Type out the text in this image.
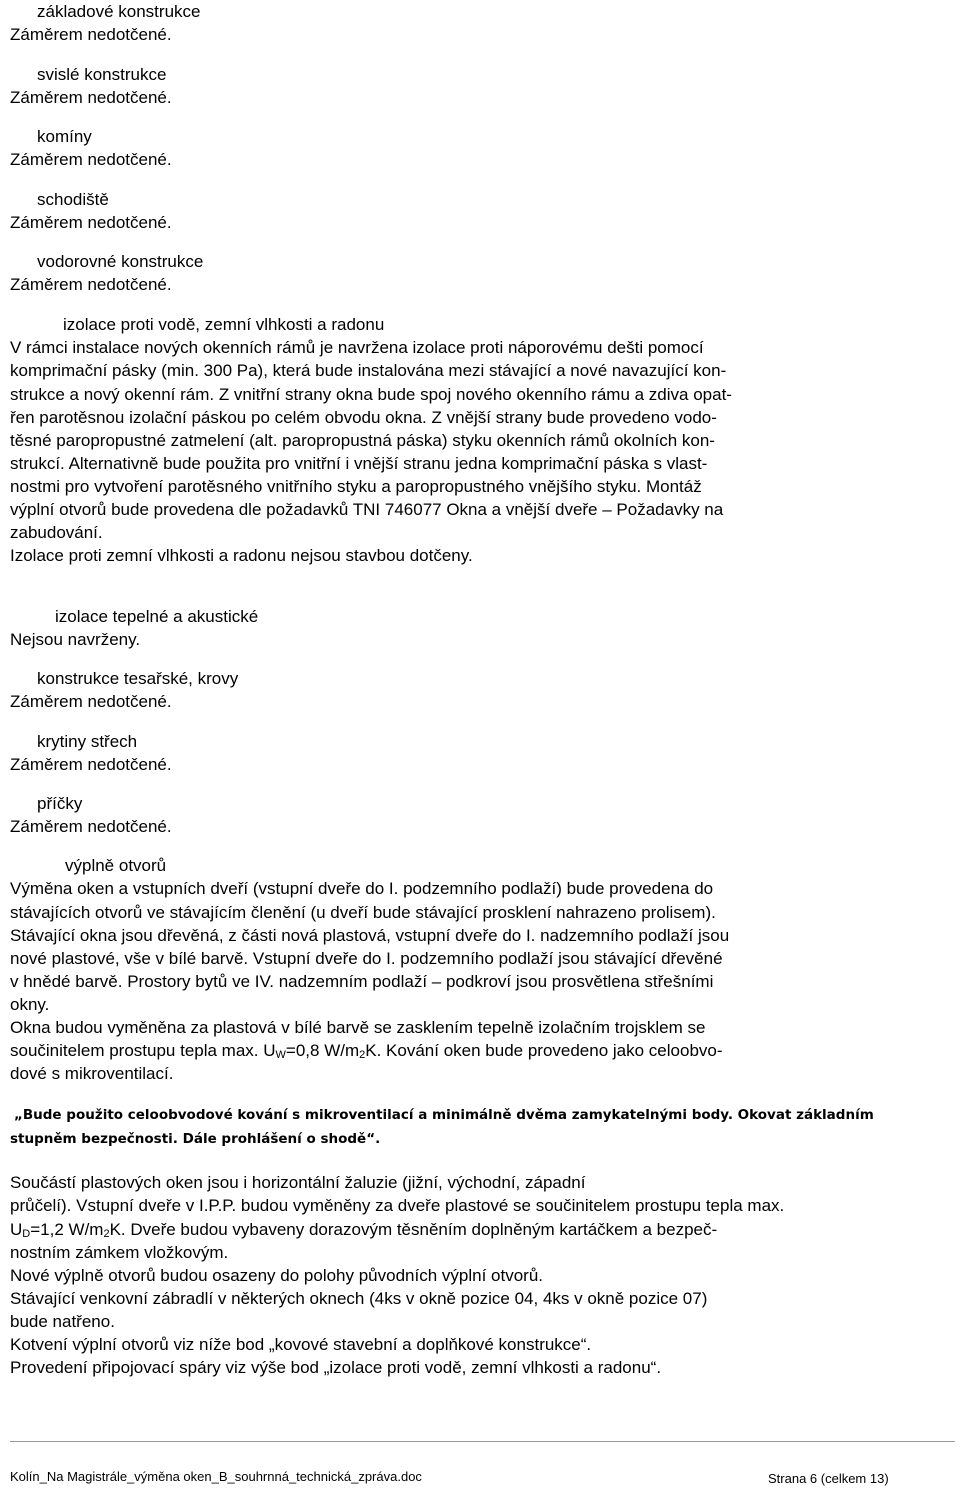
základové konstrukce

Záměrem nedotčené.

svislé konstrukce

Záměrem nedotčené.

komíny

Záměrem nedotčené.

schodiště

Záměrem nedotčené.

vodorovné konstrukce

Záměrem nedotčené.

izolace proti vodě, zemní vlhkosti a radonu

V rámci instalace nových okenních rámů je navržena izolace proti náporovému dešti pomocí

komprimační pásky (min. 300 Pa), která bude instalována mezi stávající a nové navazující kon-

strukce a nový okenní rám. Z vnitřní strany okna bude spoj nového okenního rámu a zdiva opat-

řen parotěsnou izolační páskou po celém obvodu okna. Z vnější strany bude provedeno vodo-

těsné paropropustné zatmelení (alt. paropropustná páska) styku okenních rámů okolních kon-

strukcí. Alternativně bude použita pro vnitřní i vnější stranu jedna komprimační páska s vlast-

nostmi pro vytvoření parotěsného vnitřního styku a paropropustného vnějšího styku. Montáž

výplní otvorů bude provedena dle požadavků TNI 746077 Okna a vnější dveře – Požadavky na

zabudování.

Izolace proti zemní vlhkosti a radonu nejsou stavbou dotčeny.

izolace tepelné a akustické

Nejsou navrženy.

konstrukce tesařské, krovy

Záměrem nedotčené.

krytiny střech

Záměrem nedotčené.

příčky

Záměrem nedotčené.

výplně otvorů

Výměna oken a vstupních dveří (vstupní dveře do I. podzemního podlaží) bude provedena do

stávajících otvorů ve stávajícím členění (u dveří bude stávající prosklení nahrazeno prolisem).

Stávající okna jsou dřevěná, z části nová plastová, vstupní dveře do I. nadzemního podlaží jsou

nové plastové, vše v bílé barvě. Vstupní dveře do I. podzemního podlaží jsou stávající dřevěné

v hnědé barvě. Prostory bytů ve IV. nadzemním podlaží – podkroví jsou prosvětlena střešními

okny.

Okna budou vyměněna za plastová v bílé barvě se zasklením tepelně izolačním trojsklem se

součinitelem prostupu tepla max. $U_W=0,8$ $W/m_2K$. Kování oken bude provedeno jako celoobvo-

dové s mikroventilací.

„Bude použito celoobvodové kování s mikroventilací a minimálně dvěma zamykatelnými body. Okovat základním

stupněm bezpečnosti. Dále prohlášení o shodě“.

Součástí plastových oken jsou i horizontální žaluzie (jižní, východní, západní

průčelí). Vstupní dveře v I.P.P. budou vyměněny za dveře plastové se součinitelem prostupu tepla max.

$U_D=1,2$ $W/m_2K$. Dveře budou vybaveny dorazovým těsněním doplněným kartáčkem a bezpeč-

nostním zámkem vložkovým.

Nové výplně otvorů budou osazeny do polohy původních výplní otvorů.

Stávající venkovní zábradlí v některých oknech (4ks v okně pozice 04, 4ks v okně pozice 07)

bude natřeno.

Kotvení výplní otvorů viz níže bod „kovové stavební a doplňkové konstrukce“.

Provedení připojovací spáry viz výše bod „izolace proti vodě, zemní vlhkosti a radonu“.

Kolín_Na Magistrále_výměna oken_B_souhrnná_technická_zpráva.doc	Strana 6 (celkem 13)
